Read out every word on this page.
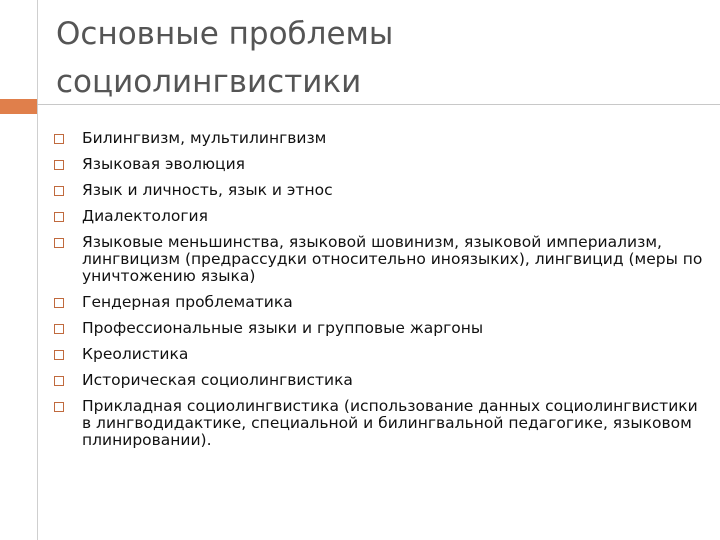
Основные проблемы
социолингвистики
Билингвизм, мультилингвизм
Языковая эволюция
Язык и личность, язык и этнос
Диалектология
Языковые меньшинства, языковой шовинизм, языковой империализм, лингвицизм (предрассудки относительно иноязыких), лингвицид (меры по уничтожению языка)
Гендерная проблематика
Профессиональные языки и групповые жаргоны
Креолистика
Историческая социолингвистика
Прикладная социолингвистика (использование данных социолингвистики в лингводидактике, специальной и билингвальной педагогике, языковом плинировании).
